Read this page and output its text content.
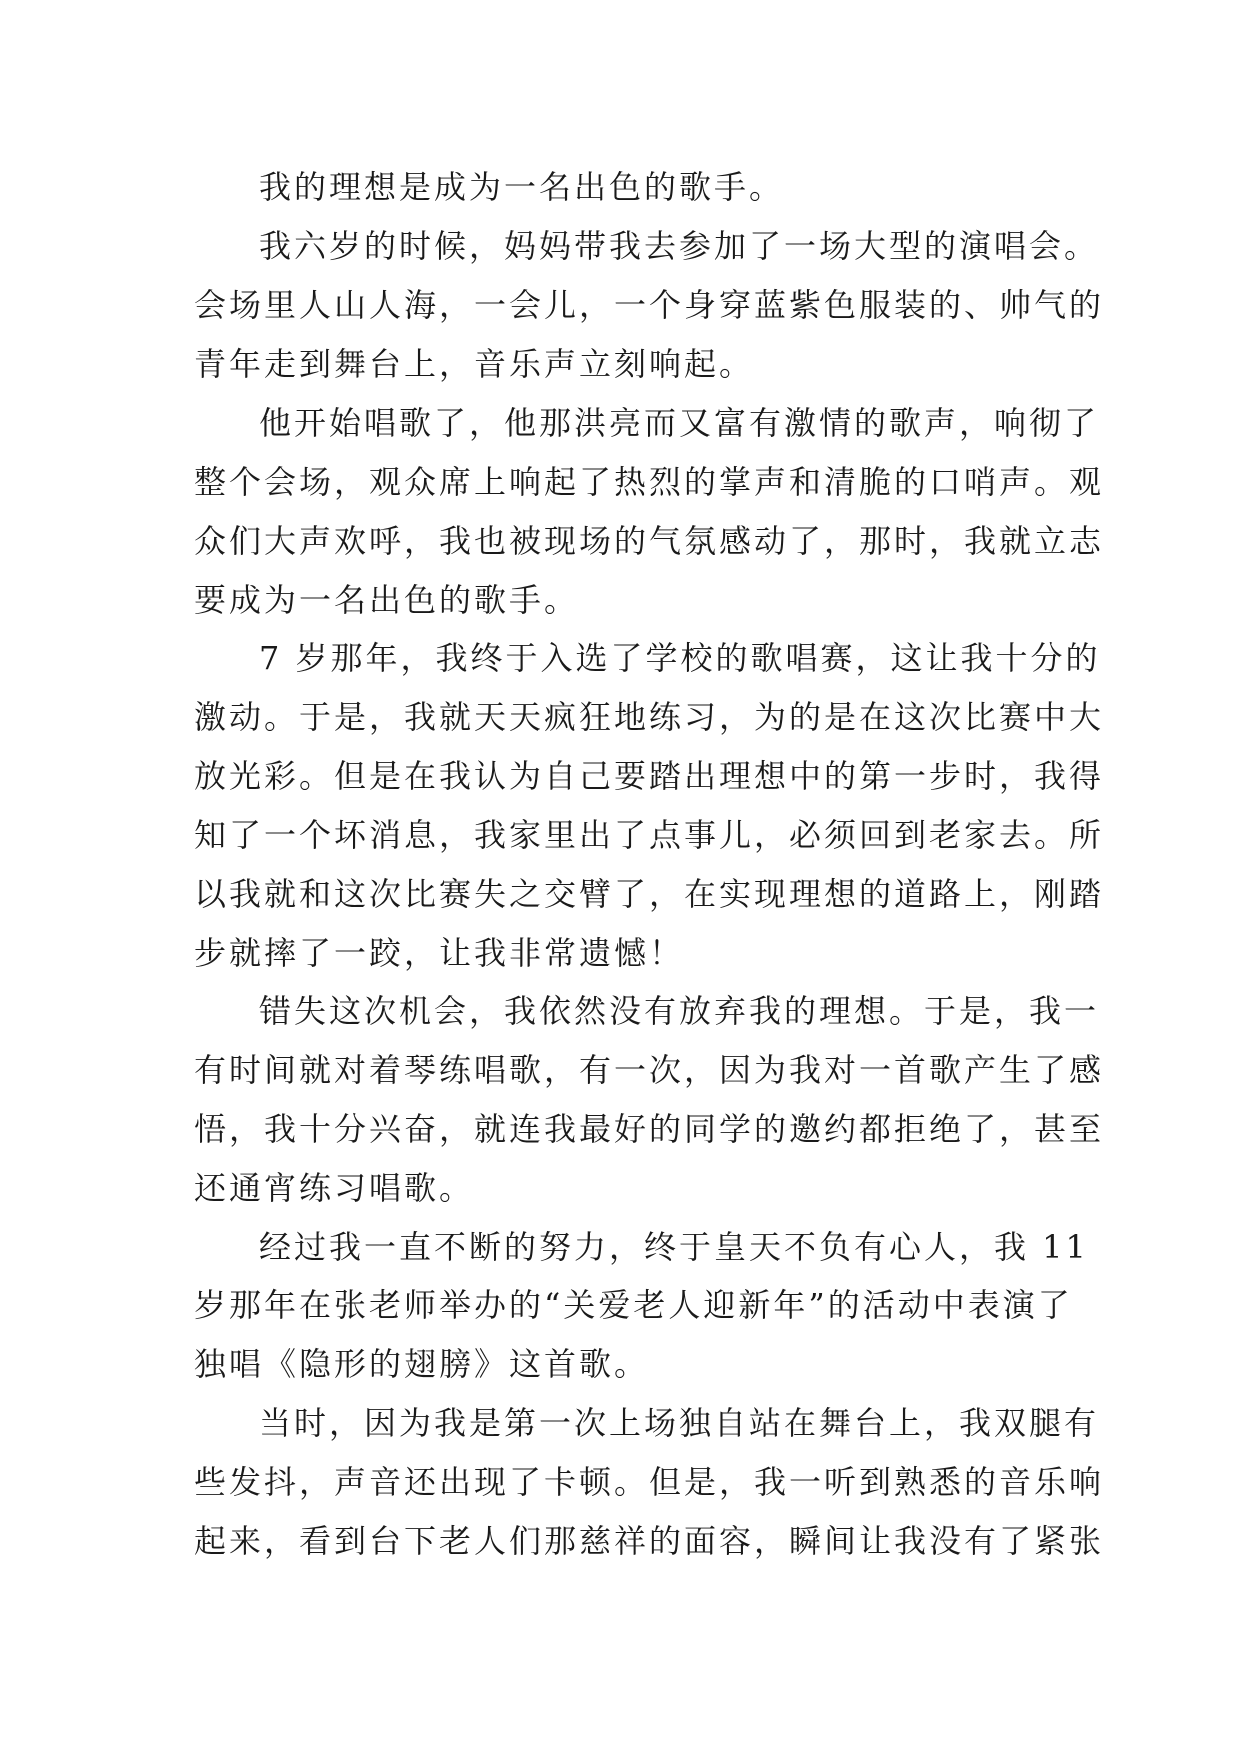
我的理想是成为一名出色的歌手。
我六岁的时候，妈妈带我去参加了一场大型的演唱会。
会场里人山人海，一会儿，一个身穿蓝紫色服装的、帅气的
青年走到舞台上，音乐声立刻响起。
他开始唱歌了，他那洪亮而又富有激情的歌声，响彻了
整个会场，观众席上响起了热烈的掌声和清脆的口哨声。观
众们大声欢呼，我也被现场的气氛感动了，那时，我就立志
要成为一名出色的歌手。
7 岁那年，我终于入选了学校的歌唱赛，这让我十分的
激动。于是，我就天天疯狂地练习，为的是在这次比赛中大
放光彩。但是在我认为自己要踏出理想中的第一步时，我得
知了一个坏消息，我家里出了点事儿，必须回到老家去。所
以我就和这次比赛失之交臂了，在实现理想的道路上，刚踏
步就摔了一跤，让我非常遗憾！
错失这次机会，我依然没有放弃我的理想。于是，我一
有时间就对着琴练唱歌，有一次，因为我对一首歌产生了感
悟，我十分兴奋，就连我最好的同学的邀约都拒绝了，甚至
还通宵练习唱歌。
经过我一直不断的努力，终于皇天不负有心人，我 11
岁那年在张老师举办的“关爱老人迎新年”的活动中表演了
独唱《隐形的翅膀》这首歌。
当时，因为我是第一次上场独自站在舞台上，我双腿有
些发抖，声音还出现了卡顿。但是，我一听到熟悉的音乐响
起来，看到台下老人们那慈祥的面容，瞬间让我没有了紧张
